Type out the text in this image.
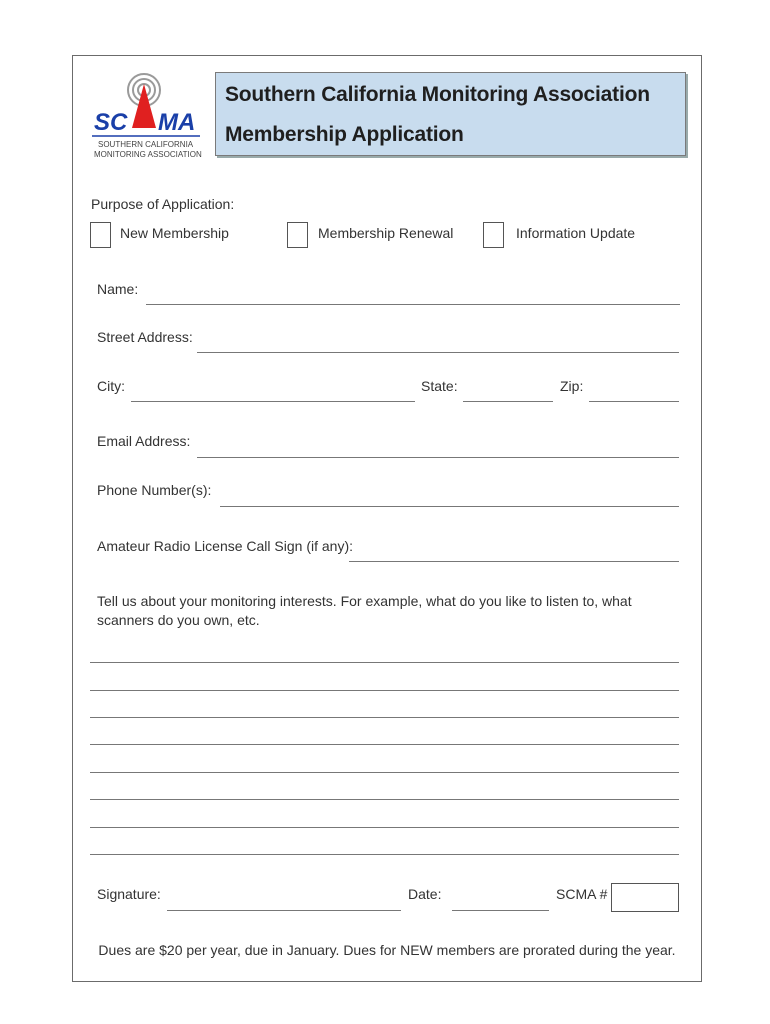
SC MA
SOUTHERN CALIFORNIA
MONITORING ASSOCIATION
Southern California Monitoring Association
Membership Application
Purpose of Application:
New Membership	Membership Renewal	Information Update
Name:
Street Address:
City:	State:	Zip:
Email Address:
Phone Number(s):
Amateur Radio License Call Sign (if any):
Tell us about your monitoring interests. For example, what do you like to listen to, what
scanners do you own, etc.
Signature:	Date:	SCMA #
Dues are $20 per year, due in January. Dues for NEW members are prorated during the year.
